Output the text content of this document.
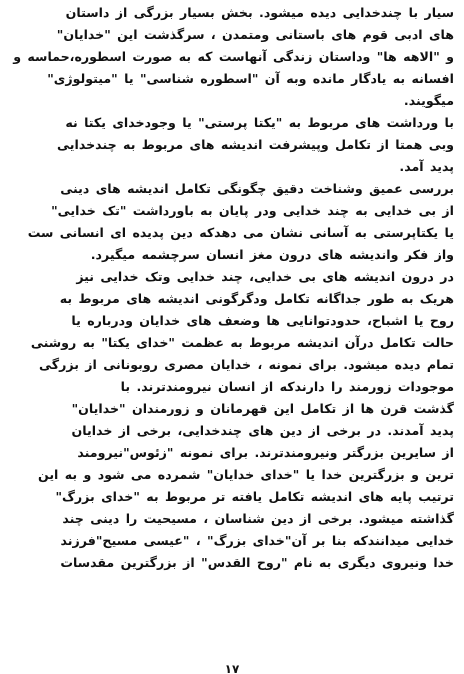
سیار با چندخدایی دیده میشود. بخش بسیار بزرگی از داستان
های ادبی قوم های باستانی ومتمدن ، سرگذشت این "خدایان"
و "الاهه ها" وداستان زندگی آنهاست که به صورت اسطوره،حماسه و
افسانه به یادگار مانده وبه آن "اسطوره شناسی" یا "میتولوژی"
میگویند.
با ورداشت های مربوط به "یکتا پرستی" یا وجودخدای یکتا نه
وبی همتا از تکامل وپیشرفت اندیشه های مربوط به چندخدایی
پدید آمد.
بررسی عمیق وشناخت دقیق چگونگی تکامل اندیشه های دینی
از بی خدایی به چند خدایی ودر پایان به باورداشت "تک خدایی"
یا یکتاپرستی به آسانی نشان می دهدکه دین پدیده ای انسانی ست
واز فکر واندیشه های درون مغز انسان سرچشمه میگیرد.
در درون اندیشه های بی خدایی، چند خدایی وتک خدایی نیز
هریک به طور جداگانه تکامل ودگرگونی اندیشه های مربوط به
روح یا اشباح، حدودتوانایی ها وضعف های خدایان ودرباره یا
حالت تکامل درآن اندیشه مربوط به عظمت "خدای یکتا" به روشنی
تمام دیده میشود. برای نمونه ، خدایان مصری روبونانی از بزرگی
موجودات زورمند را دارندکه از انسان نیرومندترند. با
گذشت قرن ها از تکامل این قهرمانان و زورمندان "خدایان"
پدید آمدند. در برخی از دین های چندخدایی، برخی از خدایان
از سایرین بزرگتر ونیرومندترند. برای نمونه "زئوس"نیرومند
ترین و بزرگترین خدا یا "خدای خدایان" شمرده می شود و به این
ترتیب پایه های اندیشه تکامل یافته تر مربوط به "خدای بزرگ"
گذاشته میشود. برخی از دین شناسان ، مسیحیت را دینی چند
خدایی میدانندکه بنا بر آن"خدای بزرگ" ، "عیسی مسیح"فرزند
خدا ونیروی دیگری به نام "روح القدس" از بزرگترین مقدسات
۱۷
